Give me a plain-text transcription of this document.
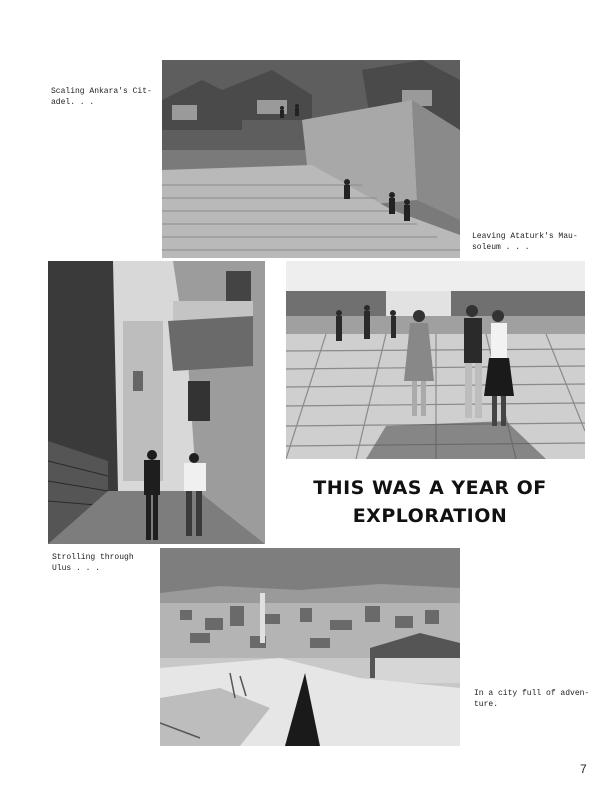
Scaling Ankara's Cit-
adel. . .
Leaving Ataturk's Mau-
soleum . . .
Strolling through
Ulus . . .
In a city full of adven-
ture.
THIS WAS A YEAR OF
EXPLORATION
7
